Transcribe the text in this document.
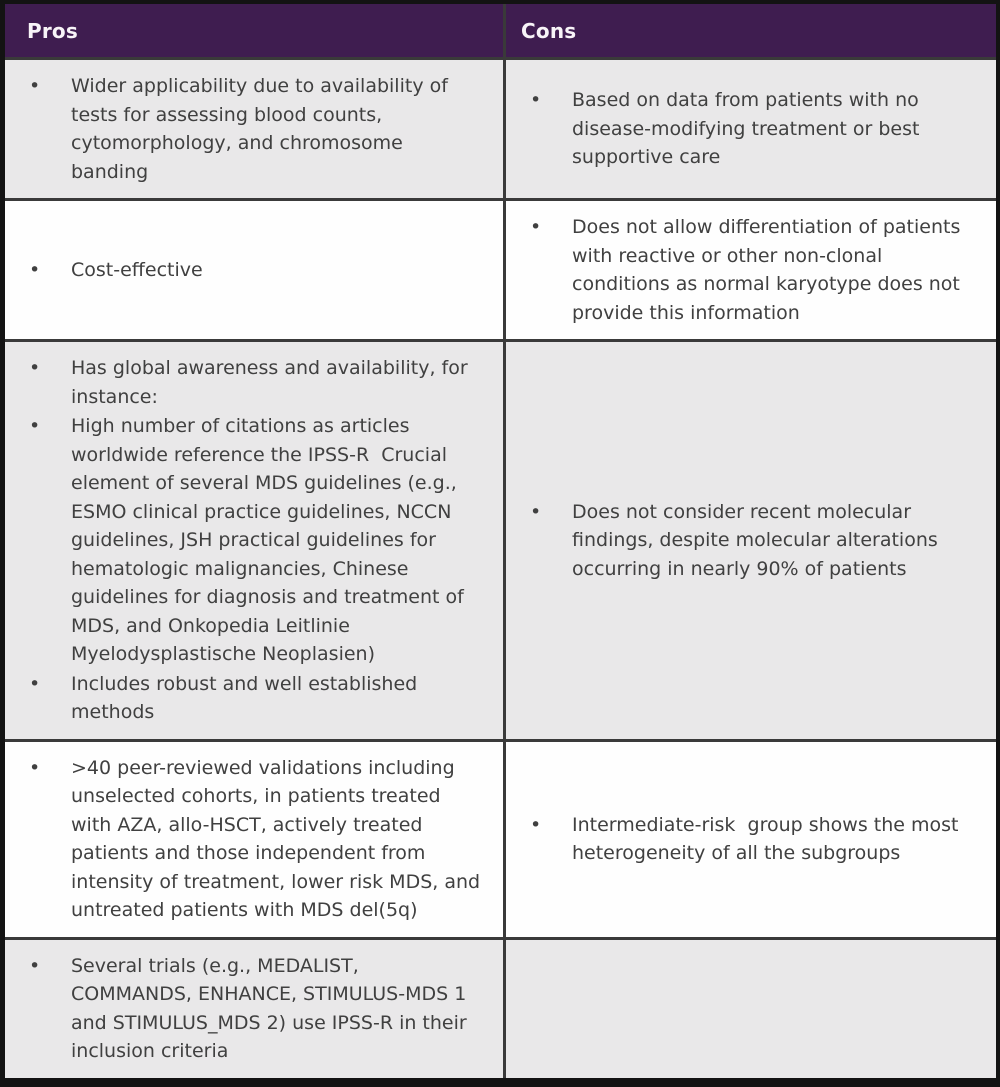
Pros	Cons
• Wider applicability due to availability of tests for assessing blood counts, cytomorphology, and chromosome banding
• Based on data from patients with no disease-modifying treatment or best supportive care
• Cost-effective
• Does not allow differentiation of patients with reactive or other non-clonal conditions as normal karyotype does not provide this information
• Has global awareness and availability, for instance:
• High number of citations as articles worldwide reference the IPSS-R  Crucial element of several MDS guidelines (e.g., ESMO clinical practice guidelines, NCCN guidelines, JSH practical guidelines for hematologic malignancies, Chinese guidelines for diagnosis and treatment of MDS, and Onkopedia Leitlinie Myelodysplastische Neoplasien)
• Includes robust and well established methods
• Does not consider recent molecular findings, despite molecular alterations occurring in nearly 90% of patients
• >40 peer-reviewed validations including unselected cohorts, in patients treated with AZA, allo-HSCT, actively treated patients and those independent from intensity of treatment, lower risk MDS, and untreated patients with MDS del(5q)
• Intermediate-risk  group shows the most heterogeneity of all the subgroups
• Several trials (e.g., MEDALIST, COMMANDS, ENHANCE, STIMULUS-MDS 1 and STIMULUS_MDS 2) use IPSS-R in their inclusion criteria
